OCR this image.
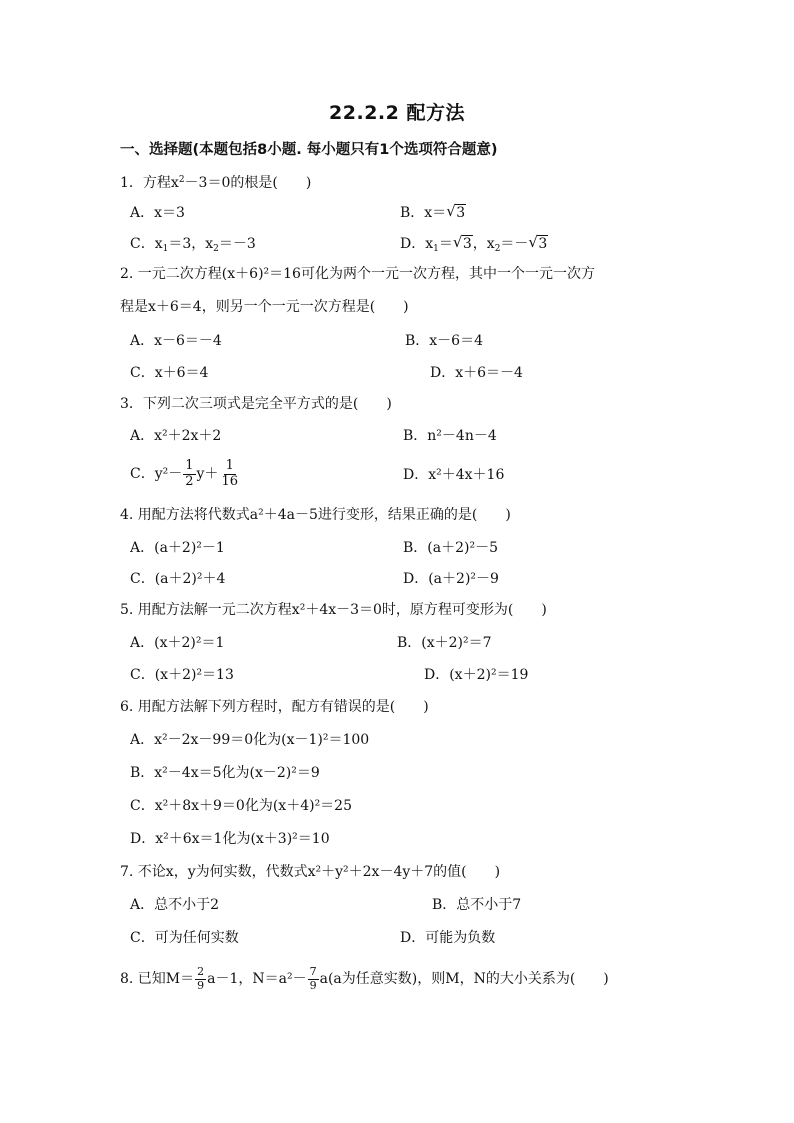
22.2.2 配方法
一、选择题(本题包括8小题. 每小题只有1个选项符合题意)
1．方程$x^2-3=0$的根是(　　)
A．x＝3	B．x＝ √ 3
C．$x_1=3$，$x_2=-3$	D．$x_1=$ √ 3，$x_2=-$ √ 3
2. 一元二次方程(x＋6)²＝16可化为两个一元一次方程，其中一个一元一次方
程是x＋6＝4，则另一个一元一次方程是(　　)
A．x－6＝－4	B．x－6＝4
C．x＋6＝4	D．x＋6＝－4
3．下列二次三项式是完全平方式的是(　　)
A．x²＋2x＋2	B．n²－4n－4
C．$y^2- \frac{1}{2} y+ \frac{1}{16}$	D．x²＋4x＋16
4. 用配方法将代数式a²＋4a－5进行变形，结果正确的是(　　)
A．(a＋2)²－1	B．(a＋2)²－5
C．(a＋2)²＋4	D．(a＋2)²－9
5. 用配方法解一元二次方程x²＋4x－3＝0时，原方程可变形为(　　)
A．(x＋2)²＝1	B．(x＋2)²＝7
C．(x＋2)²＝13	D．(x＋2)²＝19
6. 用配方法解下列方程时，配方有错误的是(　　)
A．x²－2x－99＝0化为(x－1)²＝100
B．x²－4x＝5化为(x－2)²＝9
C．x²＋8x＋9＝0化为(x＋4)²＝25
D．x²＋6x＝1化为(x＋3)²＝10
7. 不论x，y为何实数，代数式x²＋y²＋2x－4y＋7的值(　　)
A．总不小于2	B．总不小于7
C．可为任何实数	D．可能为负数
8. 已知$M= \frac{2}{9} a-1$，$N=a^2- \frac{7}{9} a(a$为任意实数)，则M，N的大小关系为(　　)
